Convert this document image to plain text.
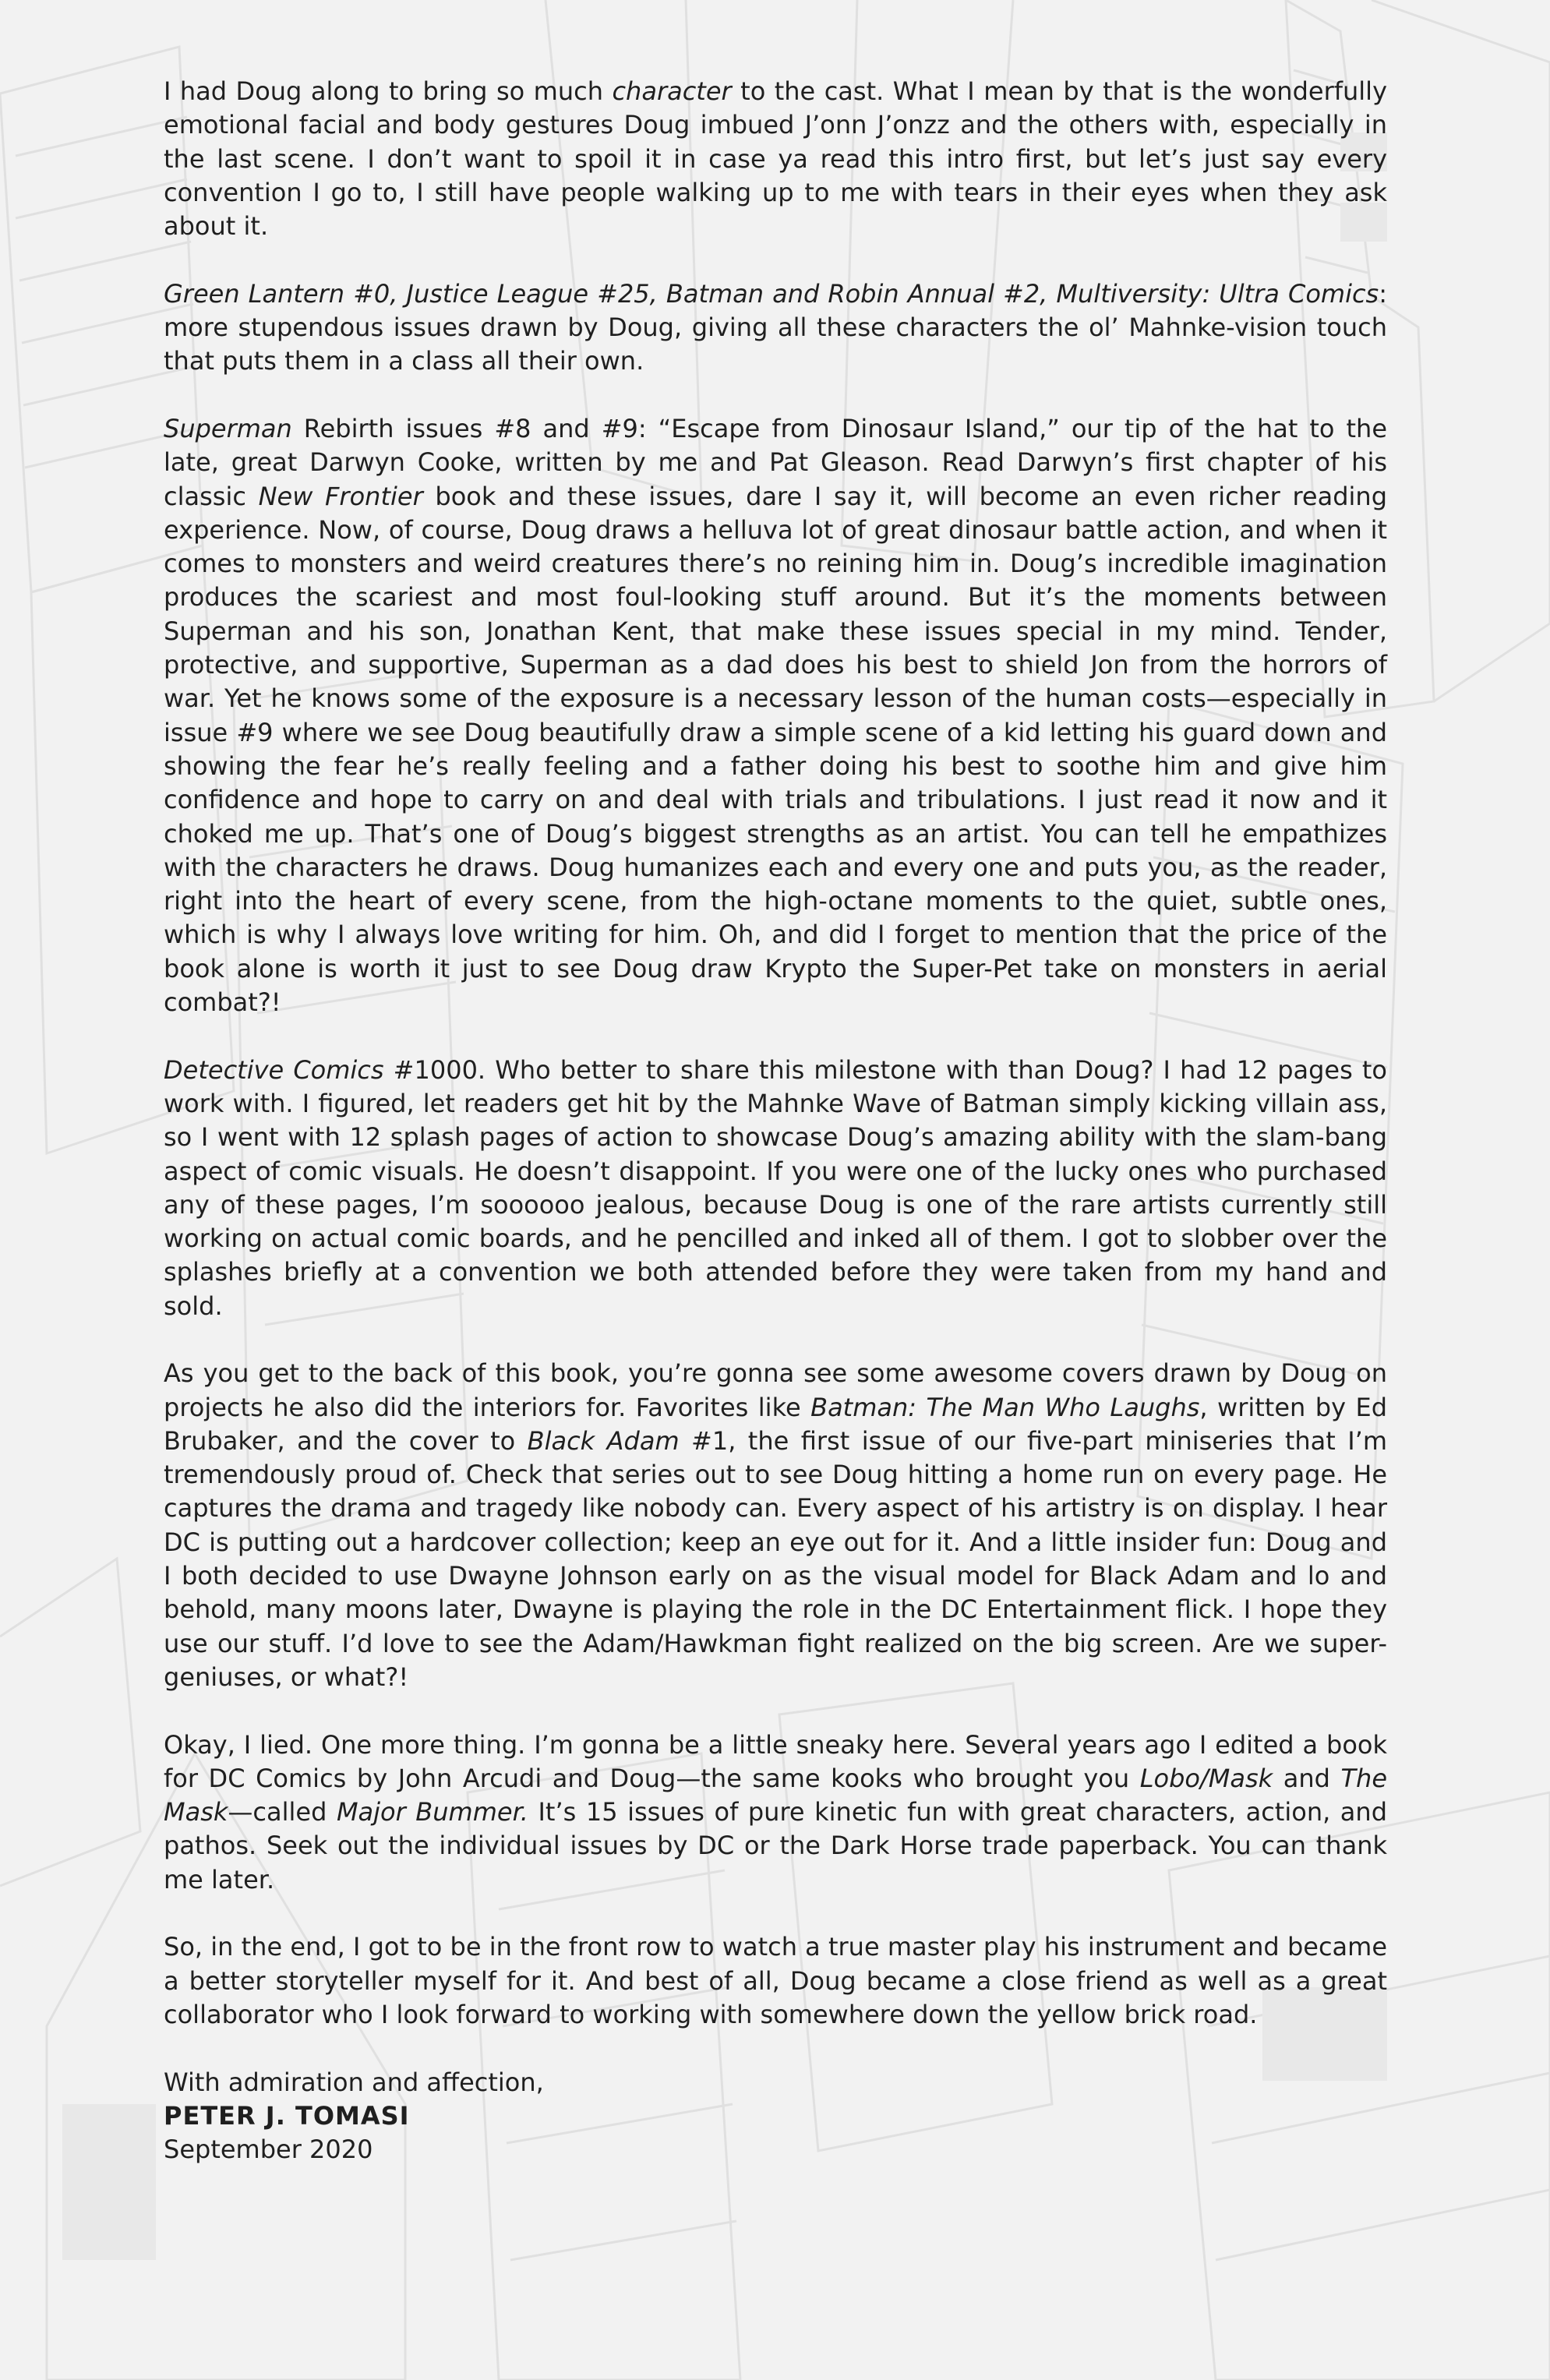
I had Doug along to bring so much character to the cast. What I mean by that is the wonderfully emotional facial and body gestures Doug imbued J’onn J’onzz and the others with, especially in the last scene. I don’t want to spoil it in case ya read this intro first, but let’s just say every convention I go to, I still have people walking up to me with tears in their eyes when they ask about it.

Green Lantern #0, Justice League #25, Batman and Robin Annual #2, Multiversity: Ultra Comics: more stupendous issues drawn by Doug, giving all these characters the ol’ Mahnke-vision touch that puts them in a class all their own.

Superman Rebirth issues #8 and #9: “Escape from Dinosaur Island,” our tip of the hat to the late, great Darwyn Cooke, written by me and Pat Gleason. Read Darwyn’s first chapter of his classic New Frontier book and these issues, dare I say it, will become an even richer reading experience. Now, of course, Doug draws a helluva lot of great dinosaur battle action, and when it comes to monsters and weird creatures there’s no reining him in. Doug’s incredible imagination produces the scariest and most foul-looking stuff around. But it’s the moments between Superman and his son, Jonathan Kent, that make these issues special in my mind. Tender, protective, and supportive, Superman as a dad does his best to shield Jon from the horrors of war. Yet he knows some of the exposure is a necessary lesson of the human costs—especially in issue #9 where we see Doug beautifully draw a simple scene of a kid letting his guard down and showing the fear he’s really feeling and a father doing his best to soothe him and give him confidence and hope to carry on and deal with trials and tribulations. I just read it now and it choked me up. That’s one of Doug’s biggest strengths as an artist. You can tell he empathizes with the characters he draws. Doug humanizes each and every one and puts you, as the reader, right into the heart of every scene, from the high-octane moments to the quiet, subtle ones, which is why I always love writing for him. Oh, and did I forget to mention that the price of the book alone is worth it just to see Doug draw Krypto the Super-Pet take on monsters in aerial combat?!

Detective Comics #1000. Who better to share this milestone with than Doug? I had 12 pages to work with. I figured, let readers get hit by the Mahnke Wave of Batman simply kicking villain ass, so I went with 12 splash pages of action to showcase Doug’s amazing ability with the slam-bang aspect of comic visuals. He doesn’t disappoint. If you were one of the lucky ones who purchased any of these pages, I’m soooooo jealous, because Doug is one of the rare artists currently still working on actual comic boards, and he pencilled and inked all of them. I got to slobber over the splashes briefly at a convention we both attended before they were taken from my hand and sold.

As you get to the back of this book, you’re gonna see some awesome covers drawn by Doug on projects he also did the interiors for. Favorites like Batman: The Man Who Laughs, written by Ed Brubaker, and the cover to Black Adam #1, the first issue of our five-part miniseries that I’m tremendously proud of. Check that series out to see Doug hitting a home run on every page. He captures the drama and tragedy like nobody can. Every aspect of his artistry is on display. I hear DC is putting out a hardcover collection; keep an eye out for it. And a little insider fun: Doug and I both decided to use Dwayne Johnson early on as the visual model for Black Adam and lo and behold, many moons later, Dwayne is playing the role in the DC Entertainment flick. I hope they use our stuff. I’d love to see the Adam/Hawkman fight realized on the big screen. Are we super-geniuses, or what?!

Okay, I lied. One more thing. I’m gonna be a little sneaky here. Several years ago I edited a book for DC Comics by John Arcudi and Doug—the same kooks who brought you Lobo/Mask and The Mask—called Major Bummer. It’s 15 issues of pure kinetic fun with great characters, action, and pathos. Seek out the individual issues by DC or the Dark Horse trade paperback. You can thank me later.

So, in the end, I got to be in the front row to watch a true master play his instrument and became a better storyteller myself for it. And best of all, Doug became a close friend as well as a great collaborator who I look forward to working with somewhere down the yellow brick road.

With admiration and affection,
PETER J. TOMASI
September 2020
